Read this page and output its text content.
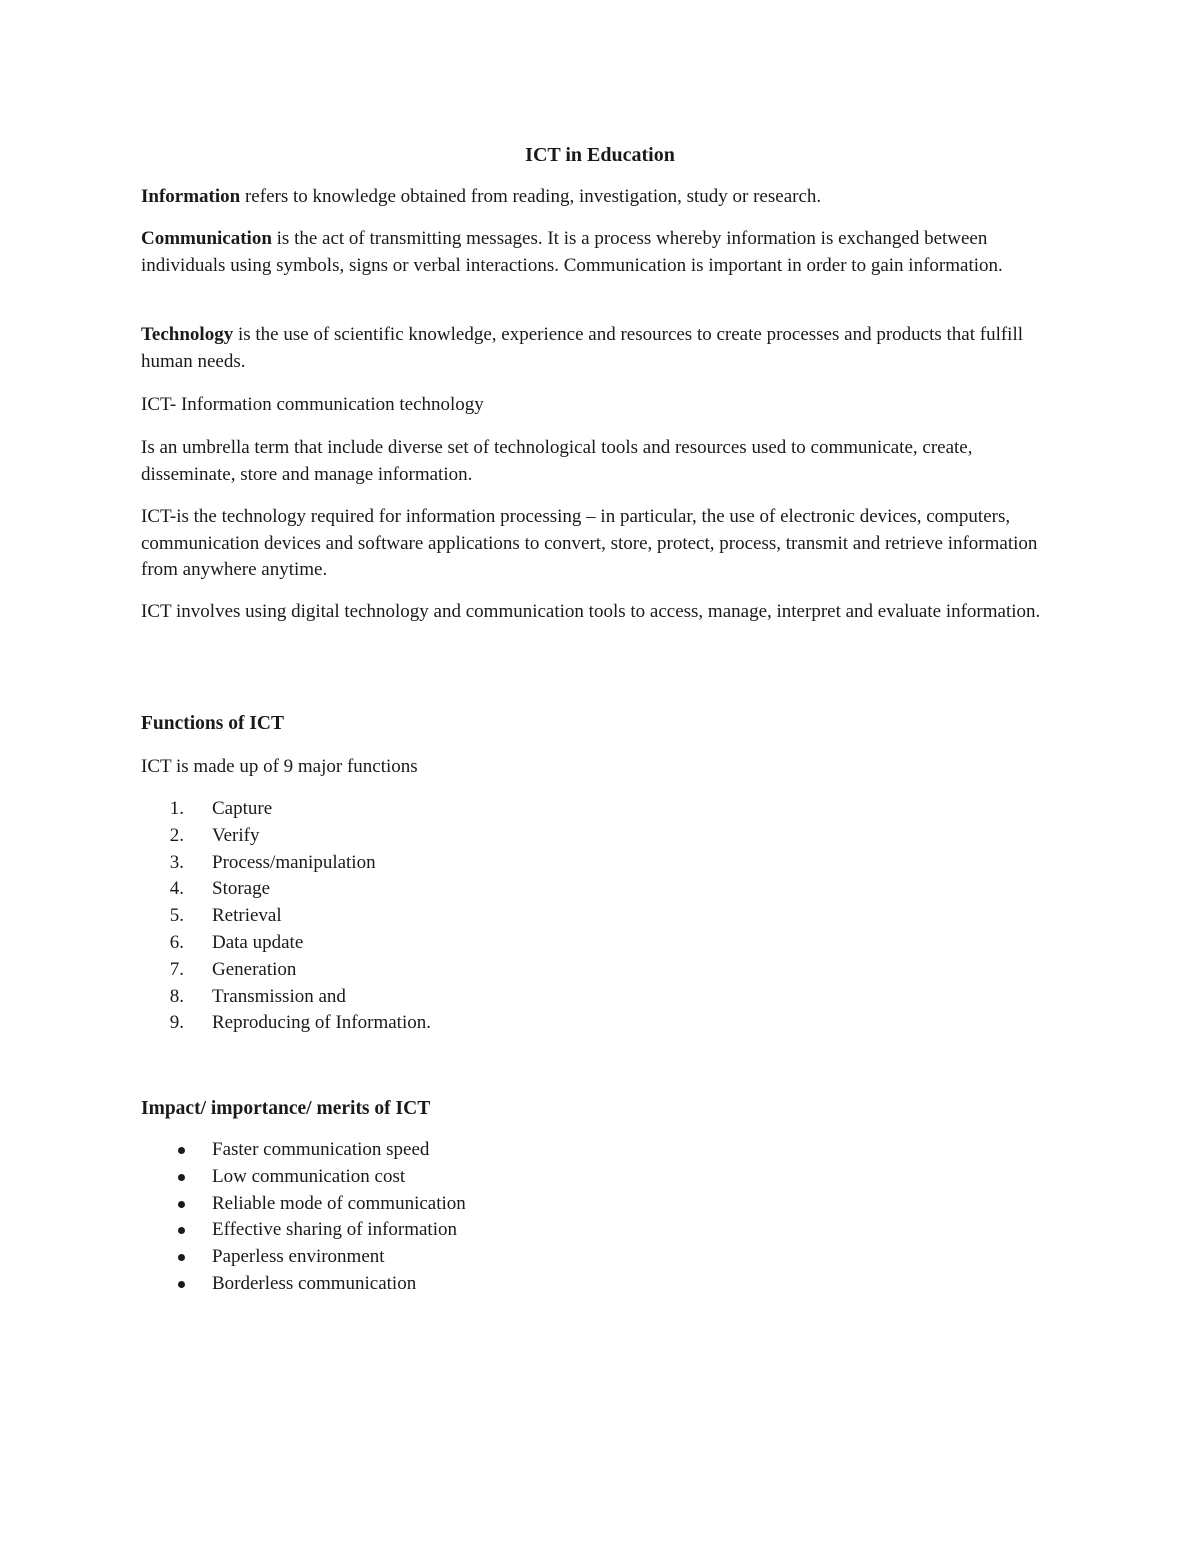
ICT in Education
Information refers to knowledge obtained from reading, investigation, study or research.
Communication is the act of transmitting messages. It is a process whereby information is exchanged between individuals using symbols, signs or verbal interactions. Communication is important in order to gain information.
Technology is the use of scientific knowledge, experience and resources to create processes and products that fulfill human needs.
ICT- Information communication technology
Is an umbrella term that include diverse set of technological tools and resources used to communicate, create, disseminate, store and manage information.
ICT-is the technology required for information processing – in particular, the use of electronic devices, computers, communication devices and software applications to convert, store, protect, process, transmit and retrieve information from anywhere anytime.
ICT involves using digital technology and communication tools to access, manage, interpret and evaluate information.
Functions of ICT
ICT is made up of 9 major functions
1. Capture
2. Verify
3. Process/manipulation
4. Storage
5. Retrieval
6. Data update
7. Generation
8. Transmission and
9. Reproducing of Information.
Impact/ importance/ merits of ICT
Faster communication speed
Low communication cost
Reliable mode of communication
Effective sharing of information
Paperless environment
Borderless communication
